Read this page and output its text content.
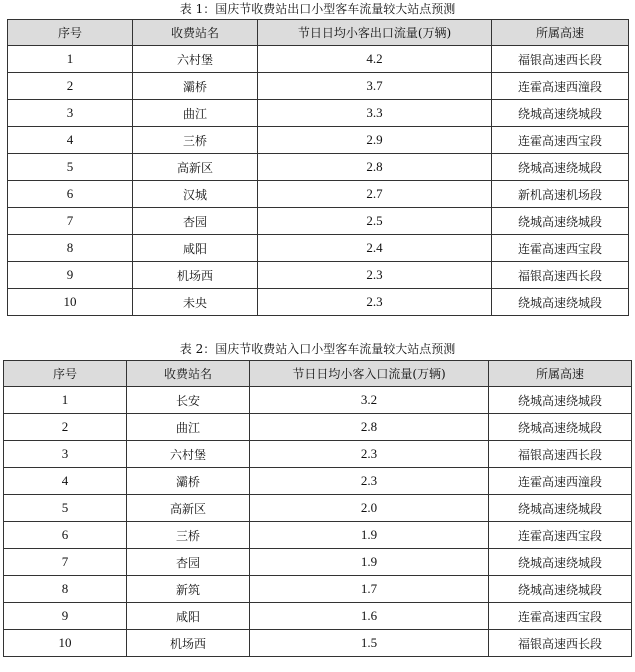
表 1：国庆节收费站出口小型客车流量较大站点预测
序号	收费站名	节日日均小客出口流量(万辆)	所属高速
1	六村堡	4.2	福银高速西长段
2	灞桥	3.7	连霍高速西潼段
3	曲江	3.3	绕城高速绕城段
4	三桥	2.9	连霍高速西宝段
5	高新区	2.8	绕城高速绕城段
6	汉城	2.7	新机高速机场段
7	杏园	2.5	绕城高速绕城段
8	咸阳	2.4	连霍高速西宝段
9	机场西	2.3	福银高速西长段
10	未央	2.3	绕城高速绕城段
表 2：国庆节收费站入口小型客车流量较大站点预测
序号	收费站名	节日日均小客入口流量(万辆)	所属高速
1	长安	3.2	绕城高速绕城段
2	曲江	2.8	绕城高速绕城段
3	六村堡	2.3	福银高速西长段
4	灞桥	2.3	连霍高速西潼段
5	高新区	2.0	绕城高速绕城段
6	三桥	1.9	连霍高速西宝段
7	杏园	1.9	绕城高速绕城段
8	新筑	1.7	绕城高速绕城段
9	咸阳	1.6	连霍高速西宝段
10	机场西	1.5	福银高速西长段
